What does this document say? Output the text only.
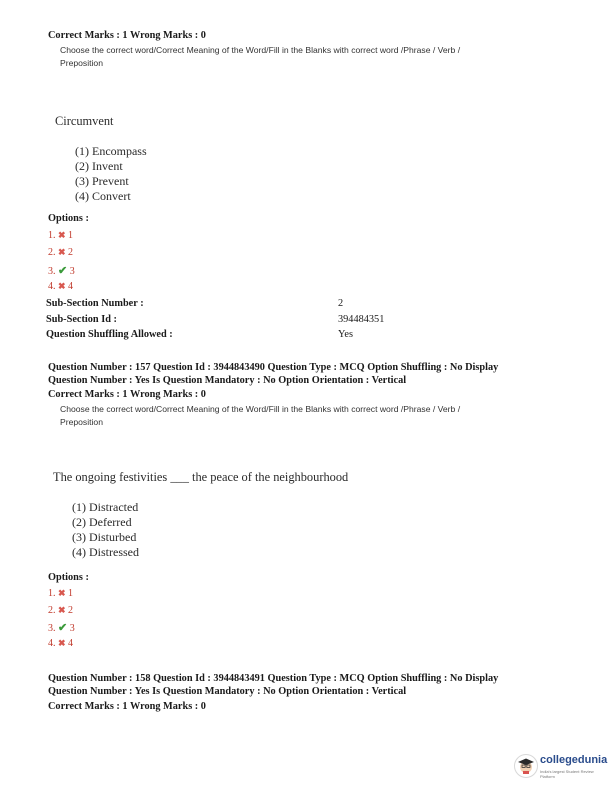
Correct Marks : 1 Wrong Marks : 0
Choose the correct word/Correct Meaning of the Word/Fill in the Blanks with correct word /Phrase / Verb /
Preposition
Circumvent
(1) Encompass
(2) Invent
(3) Prevent
(4) Convert
Options :
1. ✖ 1
2. ✖ 2
3. ✔ 3
4. ✖ 4
Sub-Section Number :	2
Sub-Section Id :	394484351
Question Shuffling Allowed :	Yes
Question Number : 157 Question Id : 3944843490 Question Type : MCQ Option Shuffling : No Display
Question Number : Yes Is Question Mandatory : No Option Orientation : Vertical
Correct Marks : 1 Wrong Marks : 0
Choose the correct word/Correct Meaning of the Word/Fill in the Blanks with correct word /Phrase / Verb /
Preposition
The ongoing festivities ___ the peace of the neighbourhood
(1) Distracted
(2) Deferred
(3) Disturbed
(4) Distressed
Options :
1. ✖ 1
2. ✖ 2
3. ✔ 3
4. ✖ 4
Question Number : 158 Question Id : 3944843491 Question Type : MCQ Option Shuffling : No Display
Question Number : Yes Is Question Mandatory : No Option Orientation : Vertical
Correct Marks : 1 Wrong Marks : 0
collegedunia
India's largest Student Review Platform
